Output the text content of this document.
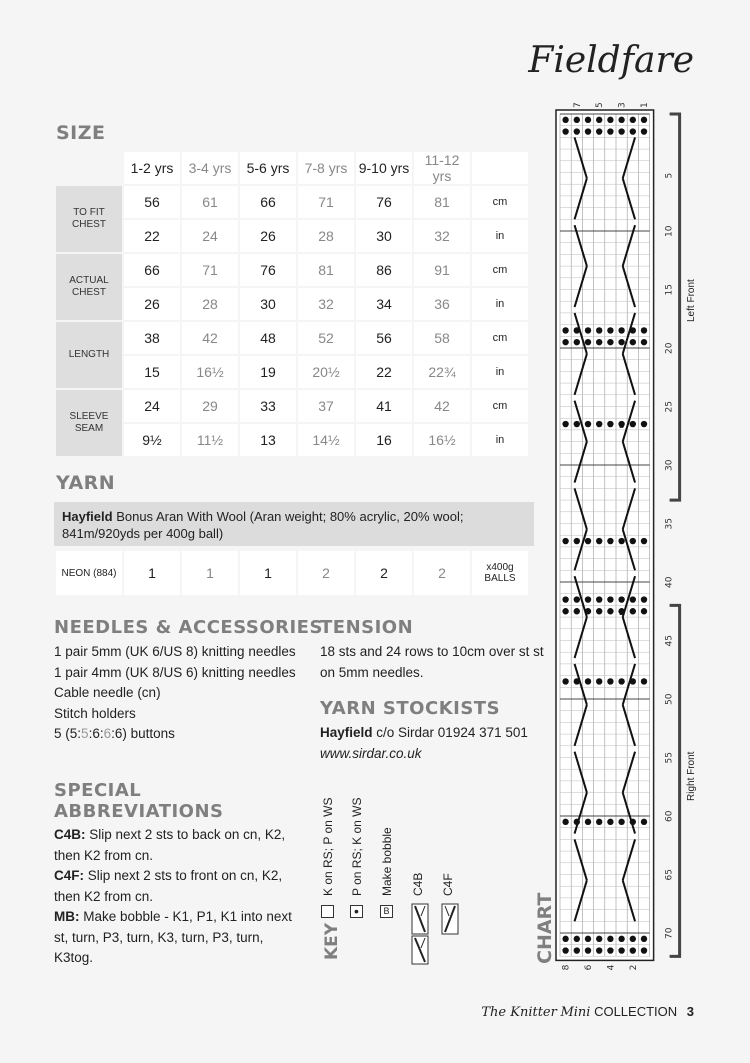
Fieldfare
SIZE
	1-2 yrs	3-4 yrs	5-6 yrs	7-8 yrs	9-10 yrs	11-12 yrs	
TO FIT CHEST	56	61	66	71	76	81	cm
	22	24	26	28	30	32	in
ACTUAL CHEST	66	71	76	81	86	91	cm
	26	28	30	32	34	36	in
LENGTH	38	42	48	52	56	58	cm
	15	16½	19	20½	22	22¾	in
SLEEVE SEAM	24	29	33	37	41	42	cm
	9½	11½	13	14½	16	16½	in
YARN
Hayfield Bonus Aran With Wool (Aran weight; 80% acrylic, 20% wool; 841m/920yds per 400g ball)
NEON (884)	1	1	1	2	2	2	x400g BALLS
NEEDLES & ACCESSORIES
1 pair 5mm (UK 6/US 8) knitting needles
1 pair 4mm (UK 8/US 6) knitting needles
Cable needle (cn)
Stitch holders
5 (5:5:6:6:6) buttons
SPECIAL ABBREVIATIONS
C4B: Slip next 2 sts to back on cn, K2, then K2 from cn.
C4F: Slip next 2 sts to front on cn, K2, then K2 from cn.
MB: Make bobble - K1, P1, K1 into next st, turn, P3, turn, K3, turn, P3, turn, K3tog.
TENSION
18 sts and 24 rows to 10cm over st st on 5mm needles.
YARN STOCKISTS
Hayfield c/o Sirdar 01924 371 501
www.sirdar.co.uk
KEY
K on RS; P on WS P on RS; K on WS
•
Make bobble
B
C4B C4F
CHART
Left Front
Right Front
B
B
7 5 3 1
8 6 4 2
5
10
15
20
25
30
35
40
45
50
55
60
65
70
The Knitter Mini COLLECTION 3
